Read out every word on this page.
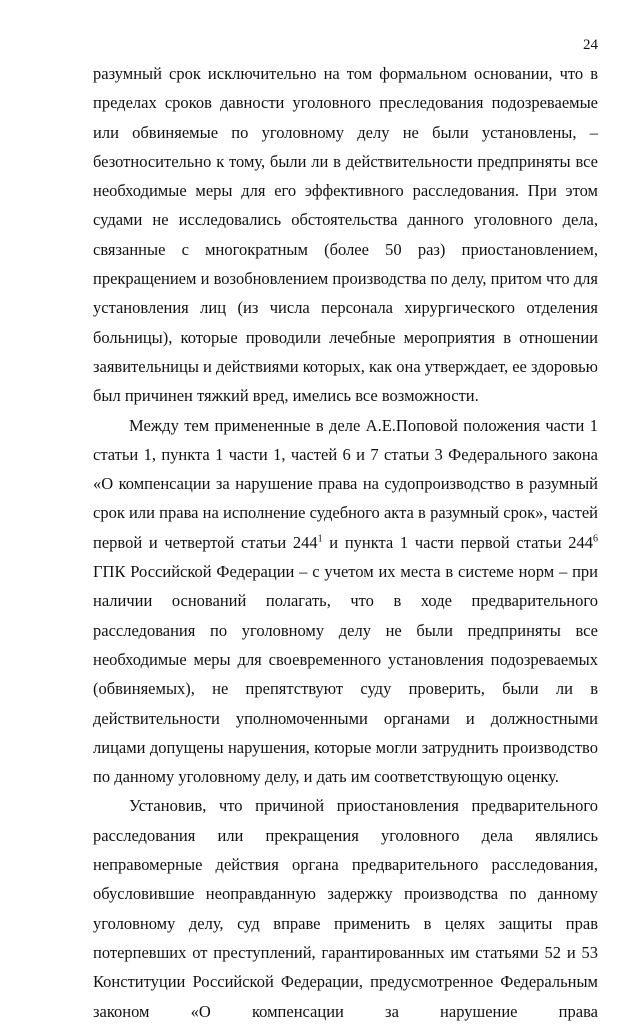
24

разумный срок исключительно на том формальном основании, что в пределах сроков давности уголовного преследования подозреваемые или обвиняемые по уголовному делу не были установлены, – безотносительно к тому, были ли в действительности предприняты все необходимые меры для его эффективного расследования. При этом судами не исследовались обстоятельства данного уголовного дела, связанные с многократным (более 50 раз) приостановлением, прекращением и возобновлением производства по делу, притом что для установления лиц (из числа персонала хирургического отделения больницы), которые проводили лечебные мероприятия в отношении заявительницы и действиями которых, как она утверждает, ее здоровью был причинен тяжкий вред, имелись все возможности.

Между тем примененные в деле А.Е.Поповой положения части 1 статьи 1, пункта 1 части 1, частей 6 и 7 статьи 3 Федерального закона «О компенсации за нарушение права на судопроизводство в разумный срок или права на исполнение судебного акта в разумный срок», частей первой и четвертой статьи $244^1$ и пункта 1 части первой статьи $244^6$ ГПК Российской Федерации – с учетом их места в системе норм – при наличии оснований полагать, что в ходе предварительного расследования по уголовному делу не были предприняты все необходимые меры для своевременного установления подозреваемых (обвиняемых), не препятствуют суду проверить, были ли в действительности уполномоченными органами и должностными лицами допущены нарушения, которые могли затруднить производство по данному уголовному делу, и дать им соответствующую оценку.

Установив, что причиной приостановления предварительного расследования или прекращения уголовного дела являлись неправомерные действия органа предварительного расследования, обусловившие неоправданную задержку производства по данному уголовному делу, суд вправе применить в целях защиты прав потерпевших от преступлений, гарантированных им статьями 52 и 53 Конституции Российской Федерации, предусмотренное Федеральным законом «О компенсации за нарушение права
